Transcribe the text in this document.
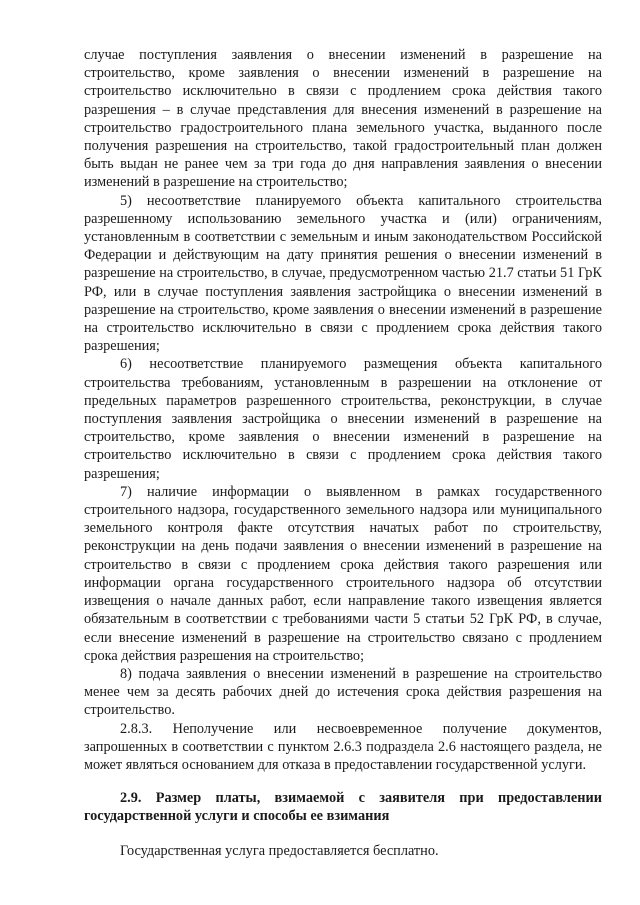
случае поступления заявления о внесении изменений в разрешение на строительство, кроме заявления о внесении изменений в разрешение на строительство исключительно в связи с продлением срока действия такого разрешения – в случае представления для внесения изменений в разрешение на строительство градостроительного плана земельного участка, выданного после получения разрешения на строительство, такой градостроительный план должен быть выдан не ранее чем за три года до дня направления заявления о внесении изменений в разрешение на строительство;

5) несоответствие планируемого объекта капитального строительства разрешенному использованию земельного участка и (или) ограничениям, установленным в соответствии с земельным и иным законодательством Российской Федерации и действующим на дату принятия решения о внесении изменений в разрешение на строительство, в случае, предусмотренном частью 21.7 статьи 51 ГрК РФ, или в случае поступления заявления застройщика о внесении изменений в разрешение на строительство, кроме заявления о внесении изменений в разрешение на строительство исключительно в связи с продлением срока действия такого разрешения;

6) несоответствие планируемого размещения объекта капитального строительства требованиям, установленным в разрешении на отклонение от предельных параметров разрешенного строительства, реконструкции, в случае поступления заявления застройщика о внесении изменений в разрешение на строительство, кроме заявления о внесении изменений в разрешение на строительство исключительно в связи с продлением срока действия такого разрешения;

7) наличие информации о выявленном в рамках государственного строительного надзора, государственного земельного надзора или муниципального земельного контроля факте отсутствия начатых работ по строительству, реконструкции на день подачи заявления о внесении изменений в разрешение на строительство в связи с продлением срока действия такого разрешения или информации органа государственного строительного надзора об отсутствии извещения о начале данных работ, если направление такого извещения является обязательным в соответствии с требованиями части 5 статьи 52 ГрК РФ, в случае, если внесение изменений в разрешение на строительство связано с продлением срока действия разрешения на строительство;

8) подача заявления о внесении изменений в разрешение на строительство менее чем за десять рабочих дней до истечения срока действия разрешения на строительство.

2.8.3. Неполучение или несвоевременное получение документов, запрошенных в соответствии с пунктом 2.6.3 подраздела 2.6 настоящего раздела, не может являться основанием для отказа в предоставлении государственной услуги.

2.9. Размер платы, взимаемой с заявителя при предоставлении государственной услуги и способы ее взимания

Государственная услуга предоставляется бесплатно.
